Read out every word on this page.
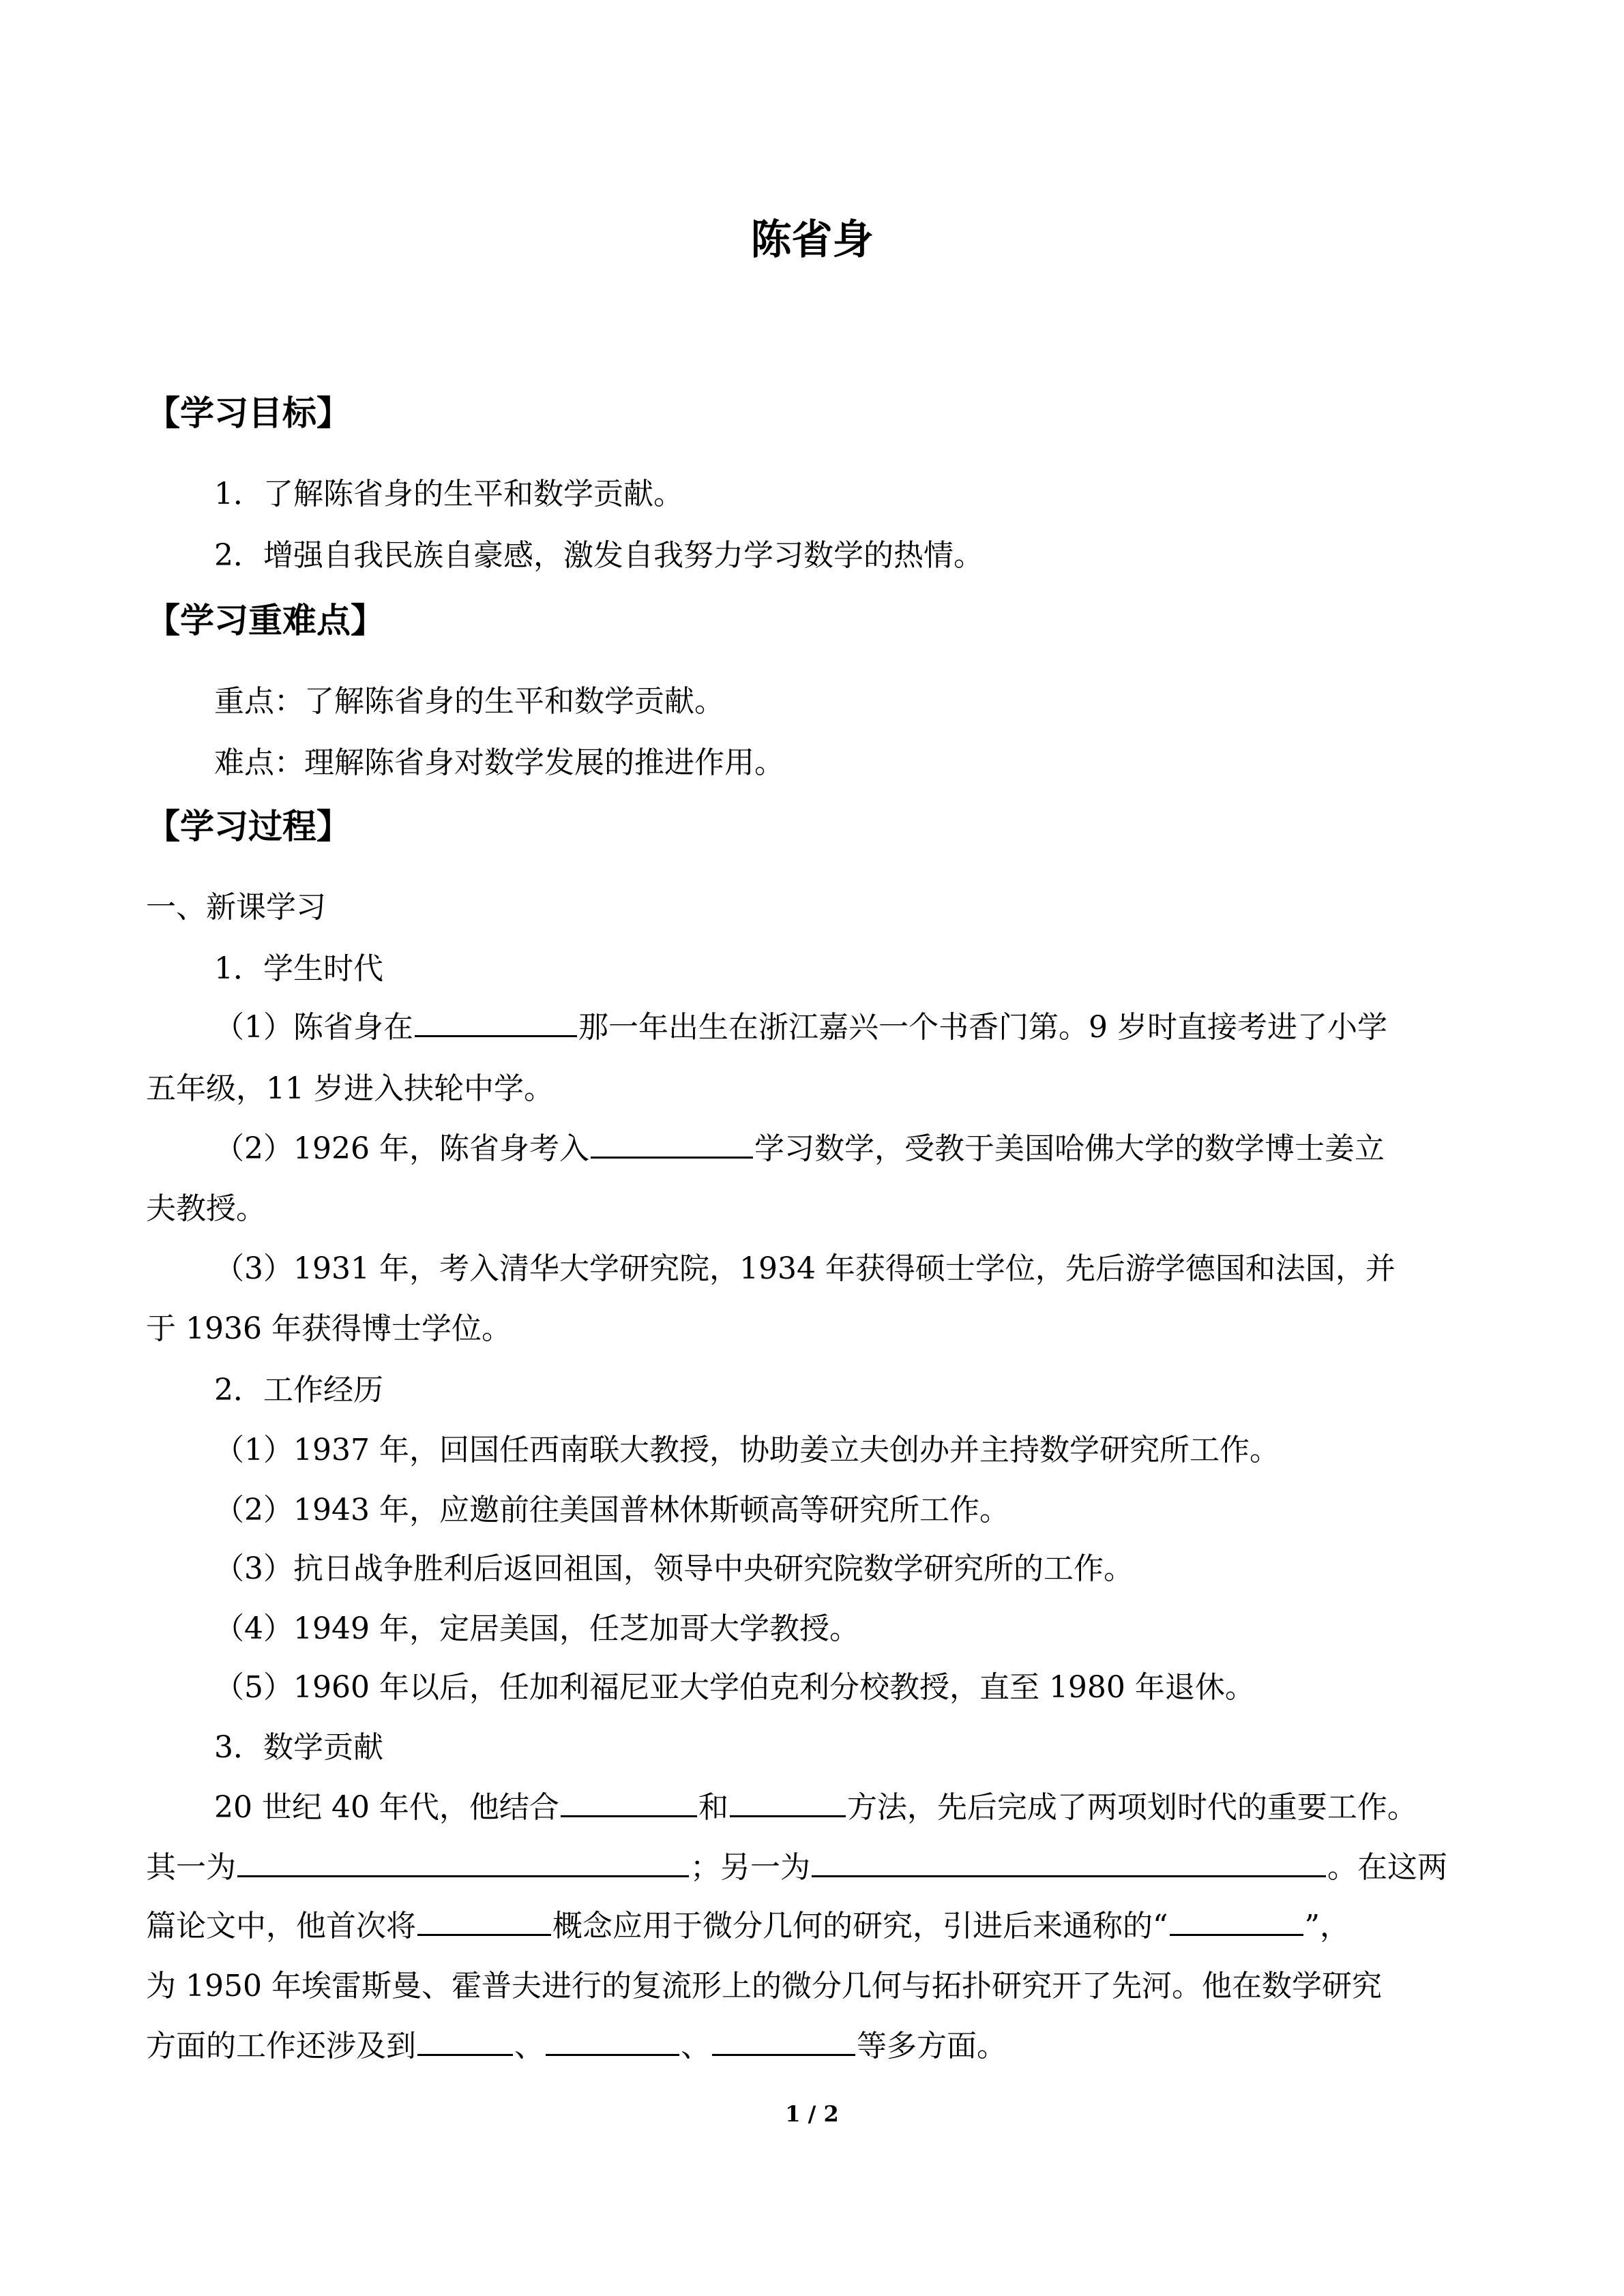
陈省身
【学习目标】
1．了解陈省身的生平和数学贡献。
2．增强自我民族自豪感，激发自我努力学习数学的热情。
【学习重难点】
重点：了解陈省身的生平和数学贡献。
难点：理解陈省身对数学发展的推进作用。
【学习过程】
一、新课学习
1．学生时代
（1）陈省身在	那一年出生在浙江嘉兴一个书香门第。9 岁时直接考进了小学
五年级，11 岁进入扶轮中学。
（2）1926 年，陈省身考入	学习数学，受教于美国哈佛大学的数学博士姜立
夫教授。
（3）1931 年，考入清华大学研究院，1934 年获得硕士学位，先后游学德国和法国，并
于 1936 年获得博士学位。
2．工作经历
（1）1937 年，回国任西南联大教授，协助姜立夫创办并主持数学研究所工作。
（2）1943 年，应邀前往美国普林休斯顿高等研究所工作。
（3）抗日战争胜利后返回祖国，领导中央研究院数学研究所的工作。
（4）1949 年，定居美国，任芝加哥大学教授。
（5）1960 年以后，任加利福尼亚大学伯克利分校教授，直至 1980 年退休。
3．数学贡献
20 世纪 40 年代，他结合	和	方法，先后完成了两项划时代的重要工作。
其一为	；另一为	。在这两
篇论文中，他首次将	概念应用于微分几何的研究，引进后来通称的“	”，
为 1950 年埃雷斯曼、霍普夫进行的复流形上的微分几何与拓扑研究开了先河。他在数学研究
方面的工作还涉及到	、	、	等多方面。
1 / 2
